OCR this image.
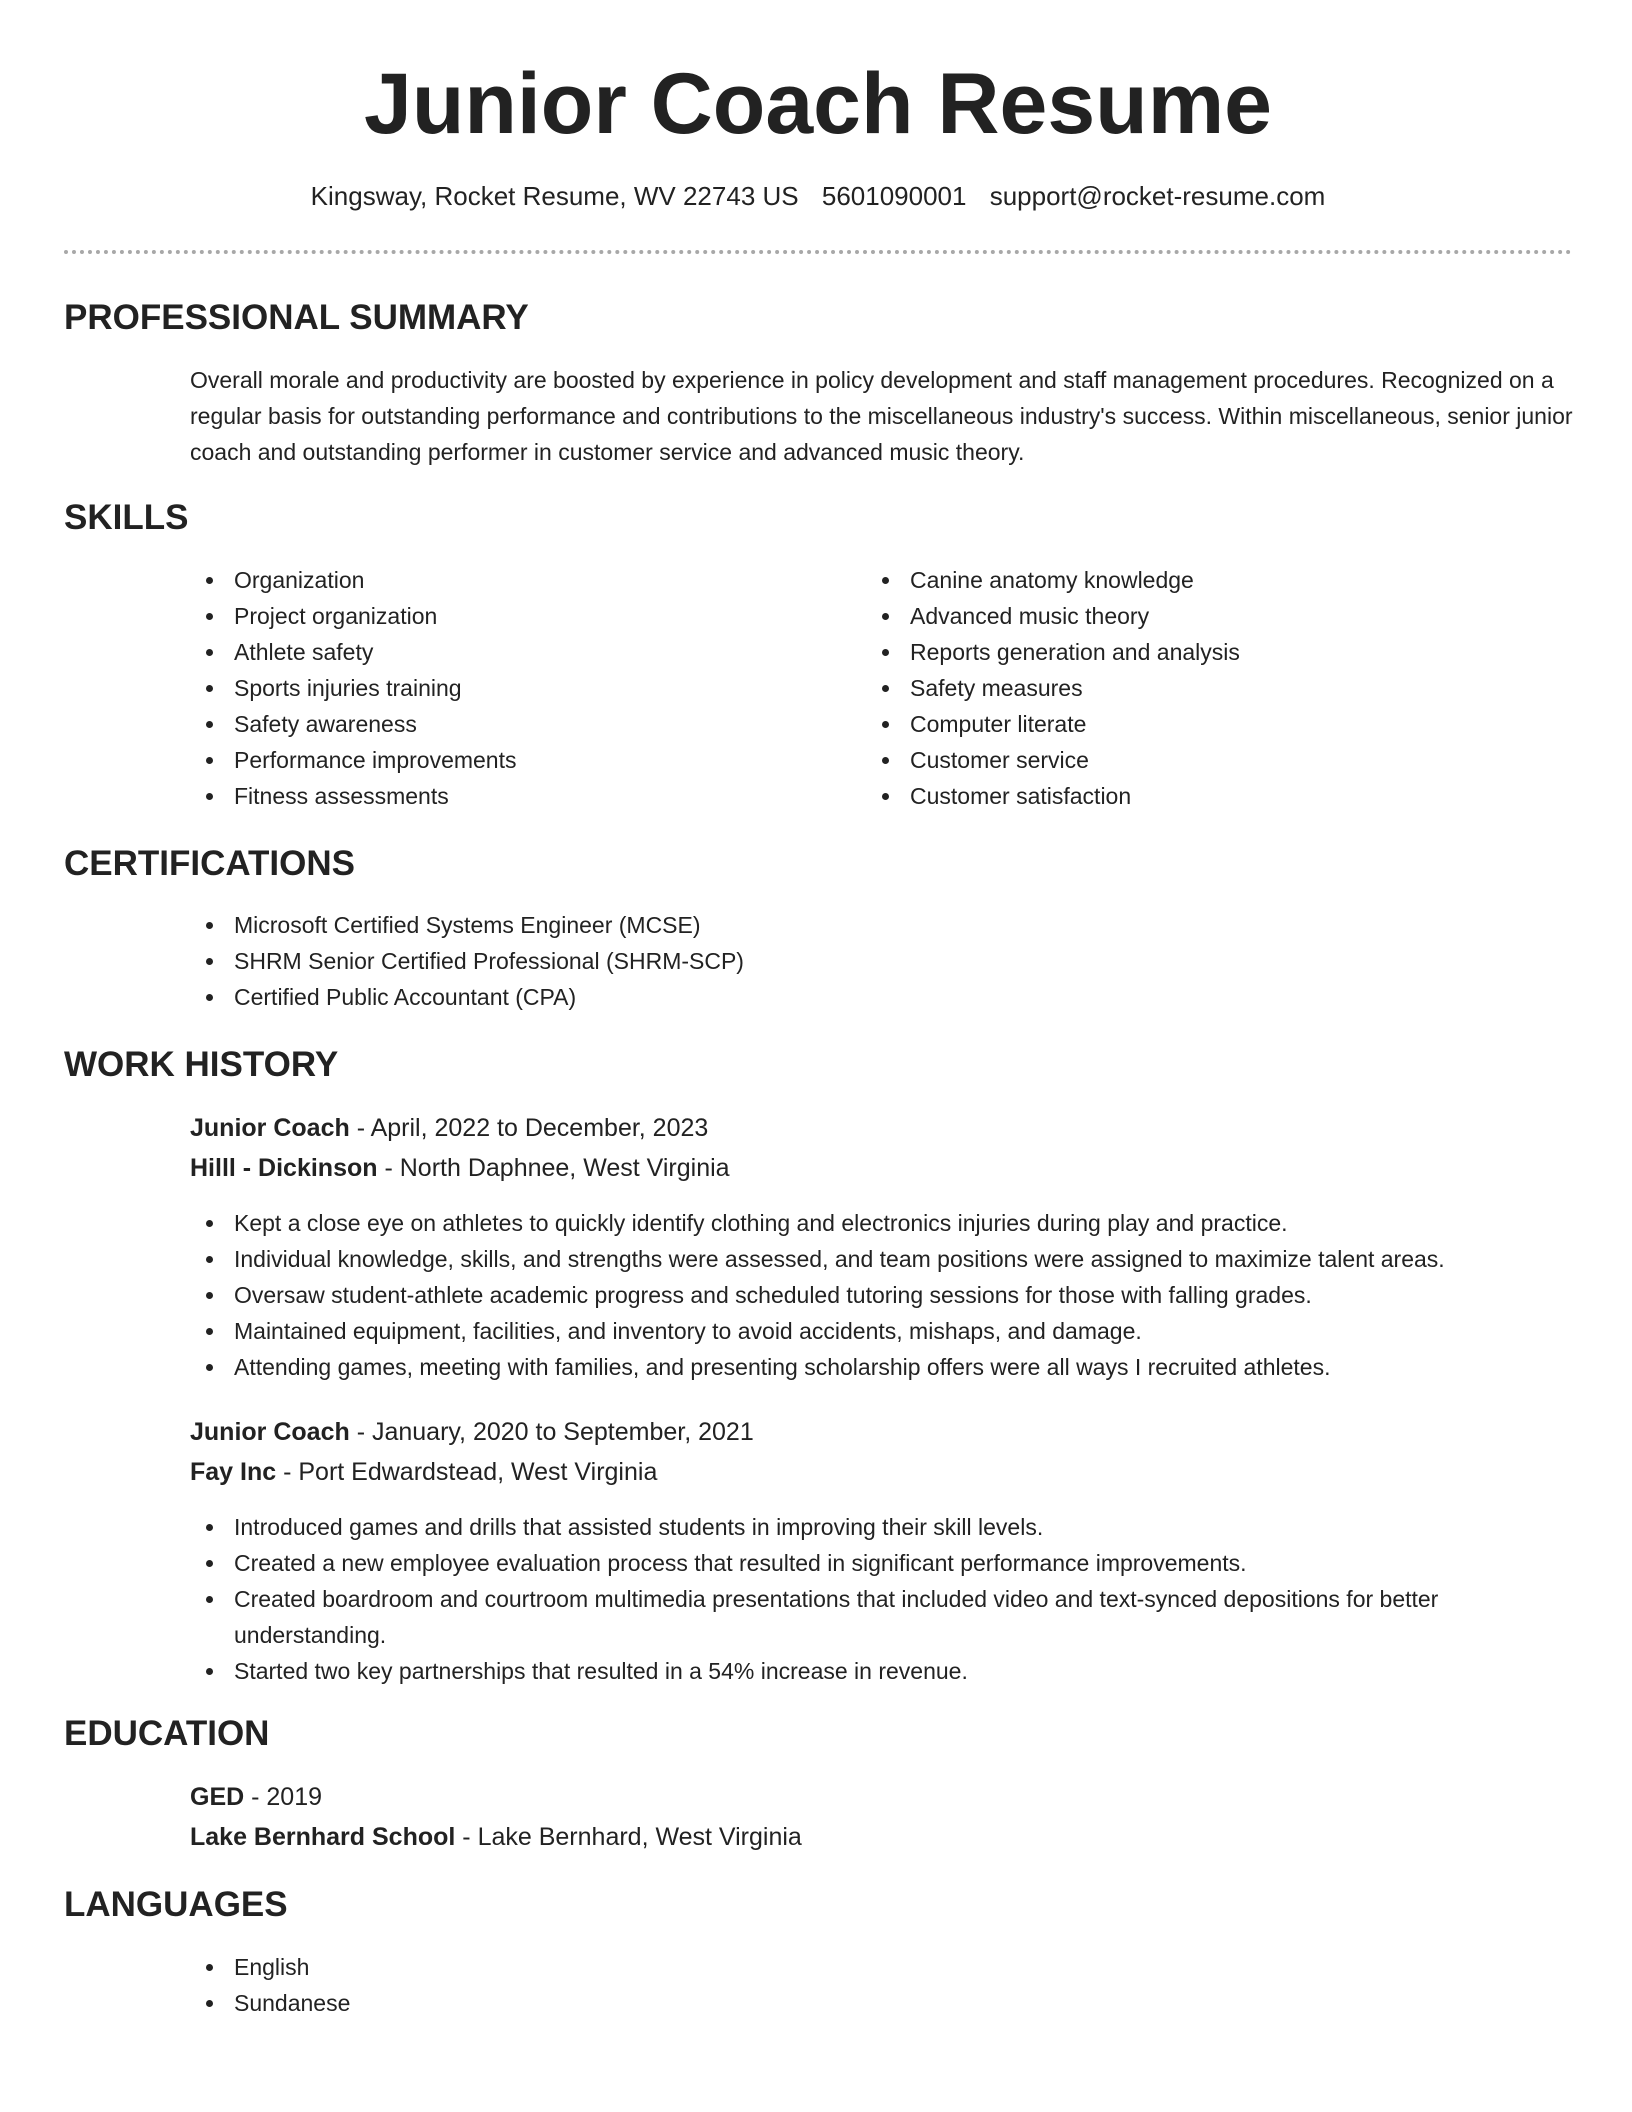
Junior Coach Resume

Kingsway, Rocket Resume, WV 22743 US 5601090001 support@rocket-resume.com

PROFESSIONAL SUMMARY

Overall morale and productivity are boosted by experience in policy development and staff management procedures. Recognized on a regular basis for outstanding performance and contributions to the miscellaneous industry's success. Within miscellaneous, senior junior coach and outstanding performer in customer service and advanced music theory.

SKILLS
Organization
Project organization
Athlete safety
Sports injuries training
Safety awareness
Performance improvements
Fitness assessments
Canine anatomy knowledge
Advanced music theory
Reports generation and analysis
Safety measures
Computer literate
Customer service
Customer satisfaction
CERTIFICATIONS
Microsoft Certified Systems Engineer (MCSE)
SHRM Senior Certified Professional (SHRM-SCP)
Certified Public Accountant (CPA)
WORK HISTORY

Junior Coach - April, 2022 to December, 2023

Hilll - Dickinson - North Daphnee, West Virginia

Kept a close eye on athletes to quickly identify clothing and electronics injuries during play and practice.
Individual knowledge, skills, and strengths were assessed, and team positions were assigned to maximize talent areas.
Oversaw student-athlete academic progress and scheduled tutoring sessions for those with falling grades.
Maintained equipment, facilities, and inventory to avoid accidents, mishaps, and damage.
Attending games, meeting with families, and presenting scholarship offers were all ways I recruited athletes.

Junior Coach - January, 2020 to September, 2021

Fay Inc - Port Edwardstead, West Virginia

Introduced games and drills that assisted students in improving their skill levels.
Created a new employee evaluation process that resulted in significant performance improvements.
Created boardroom and courtroom multimedia presentations that included video and text-synced depositions for better understanding.
Started two key partnerships that resulted in a 54% increase in revenue.
EDUCATION

GED - 2019

Lake Bernhard School - Lake Bernhard, West Virginia

LANGUAGES
English
Sundanese
